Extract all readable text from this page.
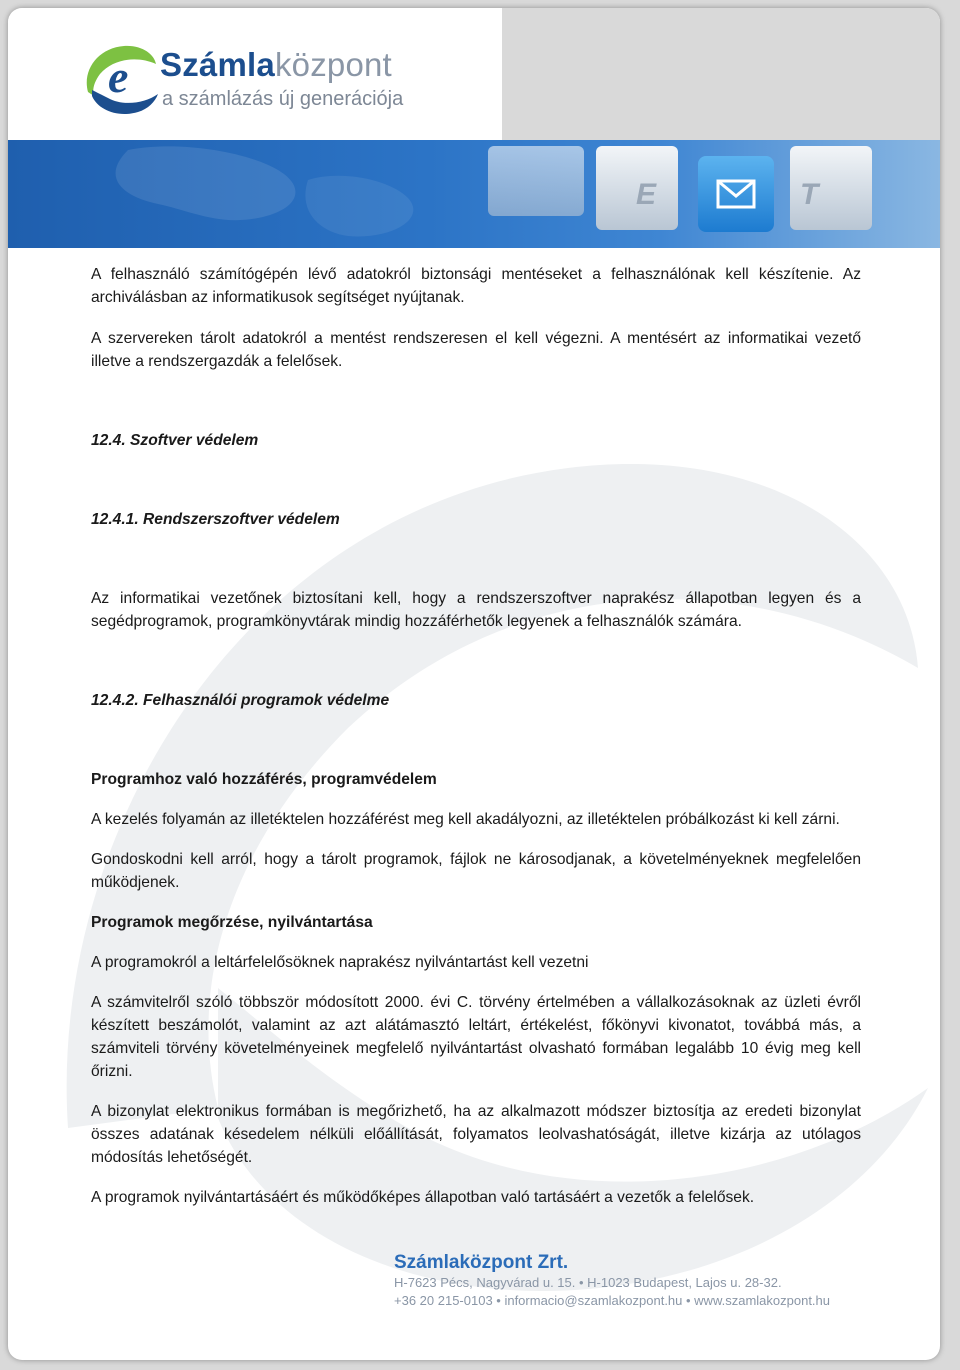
e Számlaközpont
a számlázás új generációja
E	T

A felhasználó számítógépén lévő adatokról biztonsági mentéseket a felhasználónak kell készítenie. Az archiválásban az informatikusok segítséget nyújtanak.

A szervereken tárolt adatokról a mentést rendszeresen el kell végezni. A mentésért az informatikai vezető illetve a rendszergazdák a felelősek.

12.4. Szoftver védelem

12.4.1. Rendszerszoftver védelem

Az informatikai vezetőnek biztosítani kell, hogy a rendszerszoftver naprakész állapotban legyen és a segédprogramok, programkönyvtárak mindig hozzáférhetők legyenek a felhasználók számára.

12.4.2. Felhasználói programok védelme

Programhoz való hozzáférés, programvédelem

A kezelés folyamán az illetéktelen hozzáférést meg kell akadályozni, az illetéktelen próbálkozást ki kell zárni.

Gondoskodni kell arról, hogy a tárolt programok, fájlok ne károsodjanak, a követelményeknek megfelelően működjenek.

Programok megőrzése, nyilvántartása

A programokról a leltárfelelősöknek naprakész nyilvántartást kell vezetni

A számvitelről szóló többször módosított 2000. évi C. törvény értelmében a vállalkozásoknak az üzleti évről készített beszámolót, valamint az azt alátámasztó leltárt, értékelést, főkönyvi kivonatot, továbbá más, a számviteli törvény követelményeinek megfelelő nyilvántartást olvasható formában legalább 10 évig meg kell őrizni.

A bizonylat elektronikus formában is megőrizhető, ha az alkalmazott módszer biztosítja az eredeti bizonylat összes adatának késedelem nélküli előállítását, folyamatos leolvashatóságát, illetve kizárja az utólagos módosítás lehetőségét.

A programok nyilvántartásáért és működőképes állapotban való tartásáért a vezetők a felelősek.

Számlaközpont Zrt.
H-7623 Pécs, Nagyvárad u. 15. • H-1023 Budapest, Lajos u. 28-32.
+36 20 215-0103 • informacio@szamlakozpont.hu • www.szamlakozpont.hu
